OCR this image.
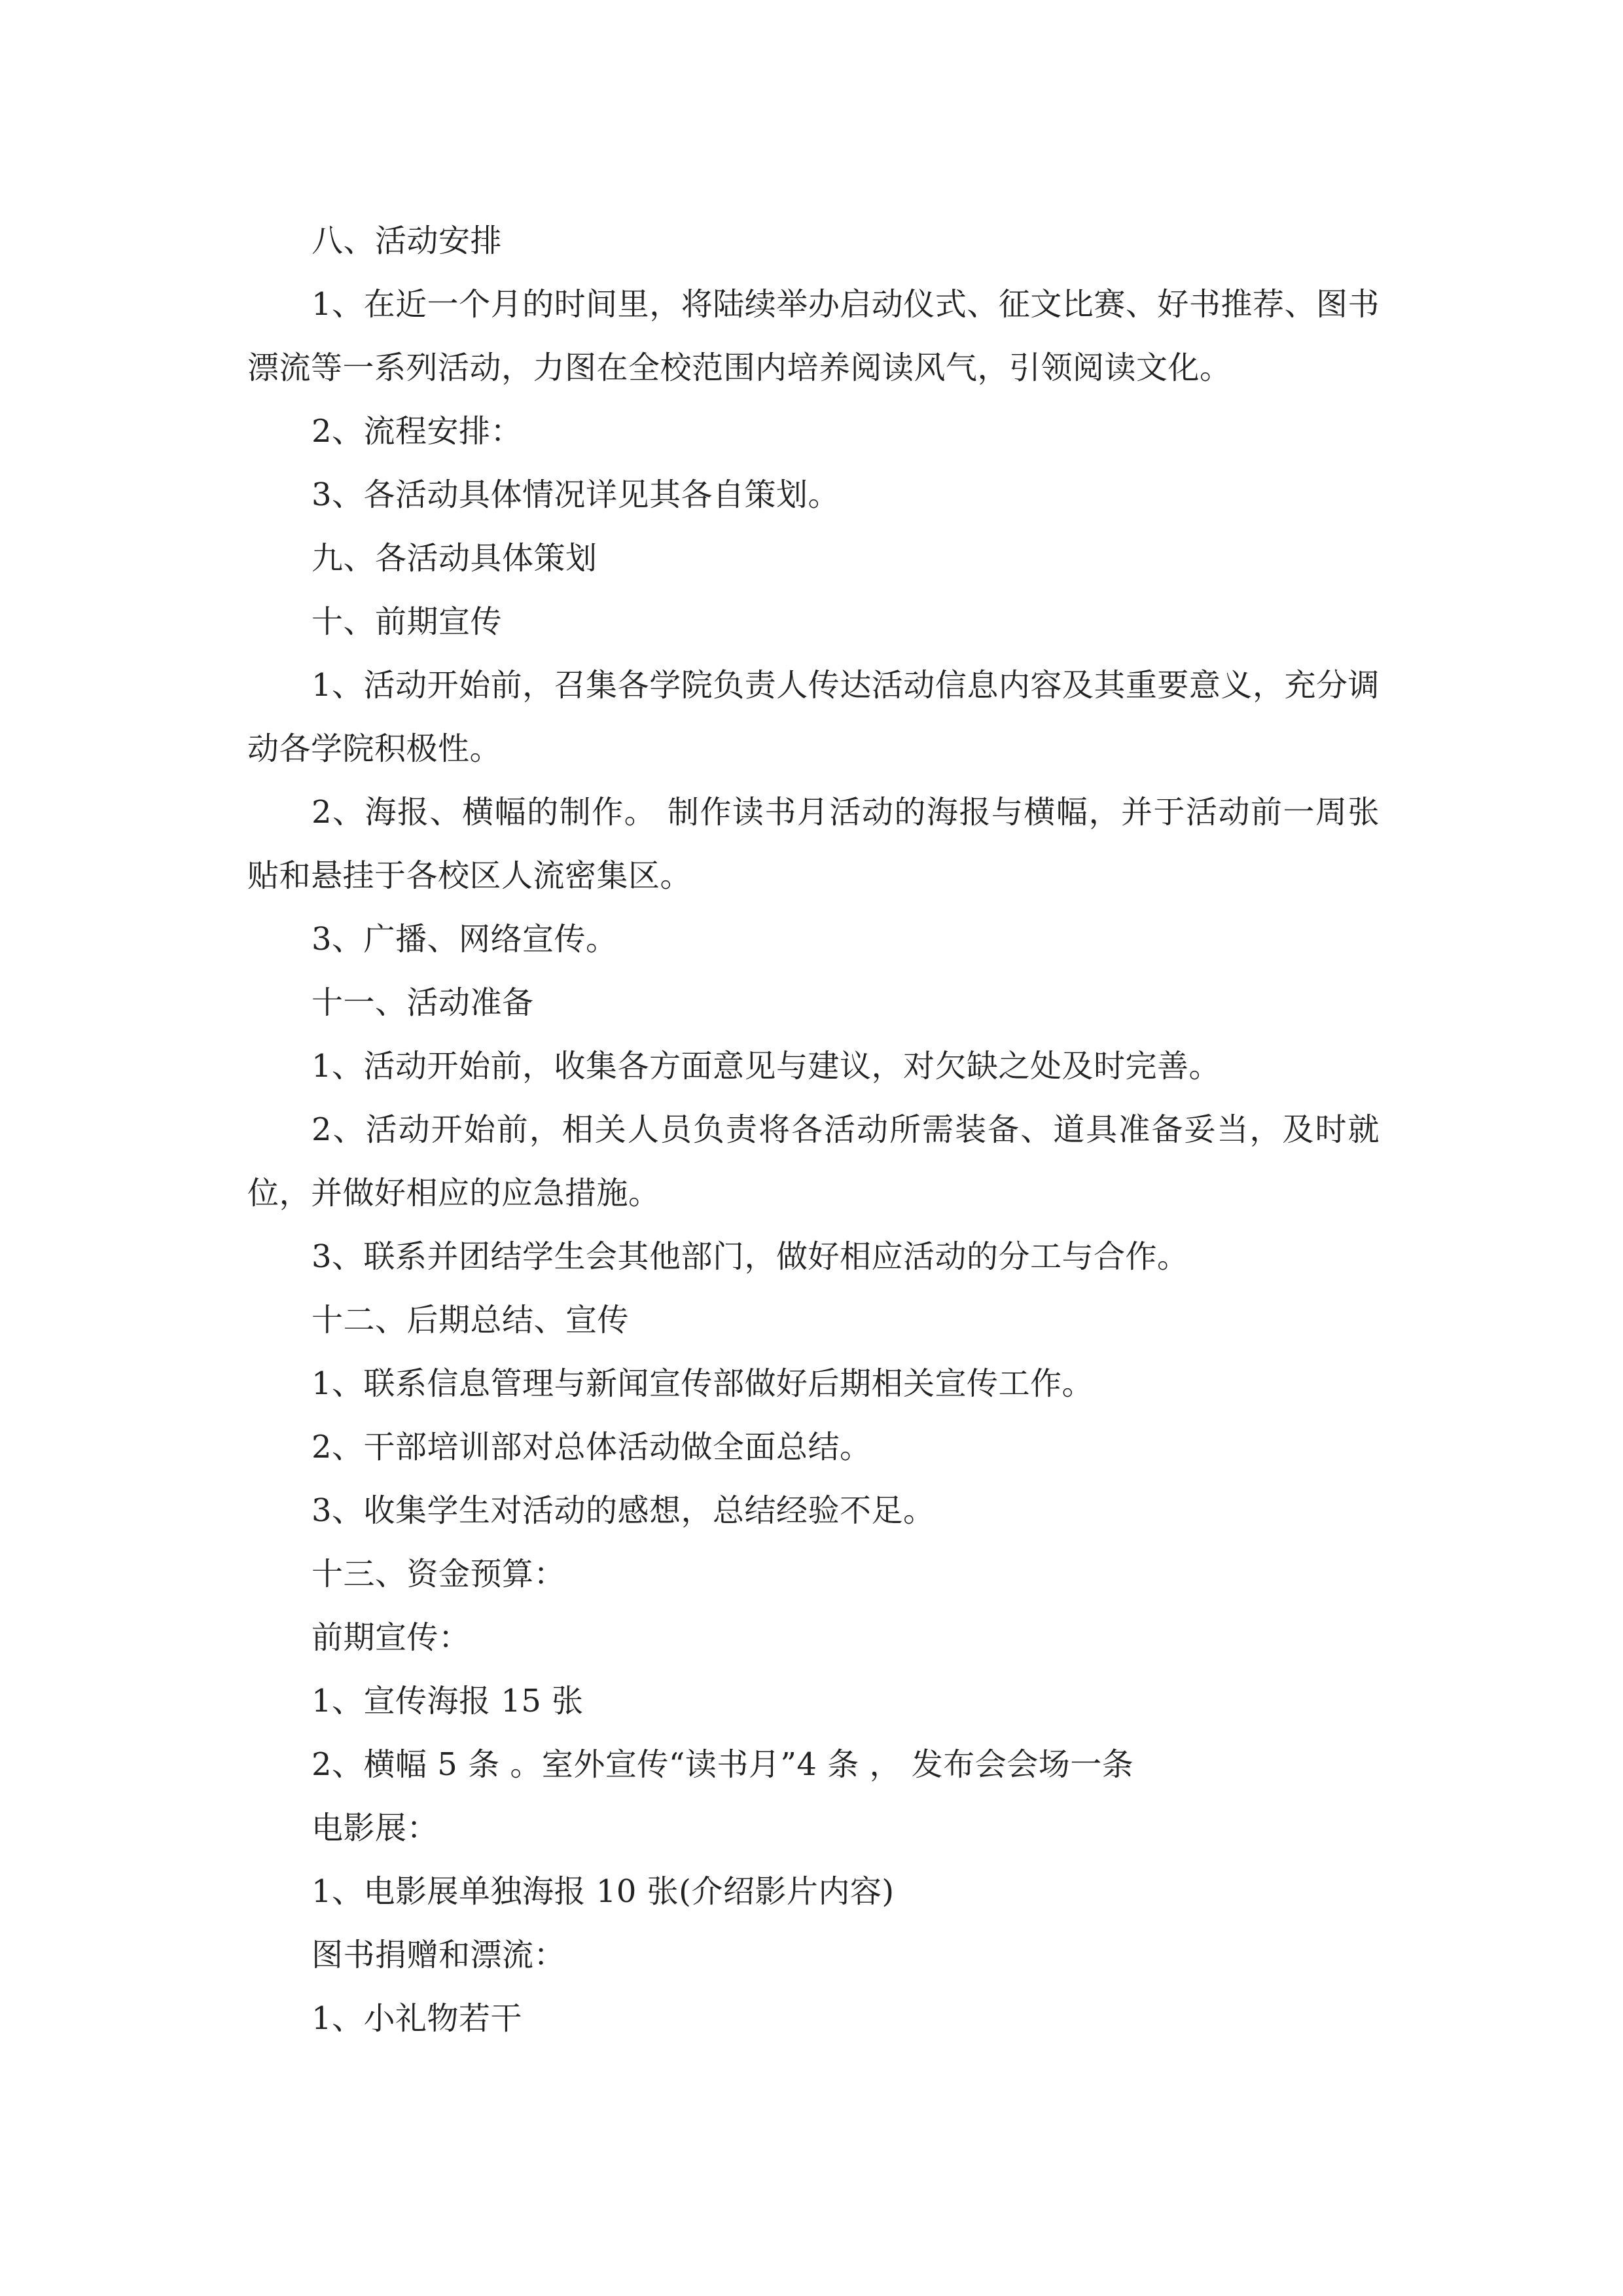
八、活动安排

1、在近一个月的时间里，将陆续举办启动仪式、征文比赛、好书推荐、图书漂流等一系列活动，力图在全校范围内培养阅读风气，引领阅读文化。

2、流程安排：

3、各活动具体情况详见其各自策划。

九、各活动具体策划

十、前期宣传

1、活动开始前，召集各学院负责人传达活动信息内容及其重要意义，充分调动各学院积极性。

2、海报、横幅的制作。 制作读书月活动的海报与横幅，并于活动前一周张贴和悬挂于各校区人流密集区。

3、广播、网络宣传。

十一、活动准备

1、活动开始前，收集各方面意见与建议，对欠缺之处及时完善。

2、活动开始前，相关人员负责将各活动所需装备、道具准备妥当，及时就位，并做好相应的应急措施。

3、联系并团结学生会其他部门，做好相应活动的分工与合作。

十二、后期总结、宣传

1、联系信息管理与新闻宣传部做好后期相关宣传工作。

2、干部培训部对总体活动做全面总结。

3、收集学生对活动的感想，总结经验不足。

十三、资金预算：

前期宣传：

1、宣传海报 15 张

2、横幅 5 条 。室外宣传“读书月”4 条 ， 发布会会场一条

电影展：

1、电影展单独海报 10 张(介绍影片内容)

图书捐赠和漂流：

1、小礼物若干
